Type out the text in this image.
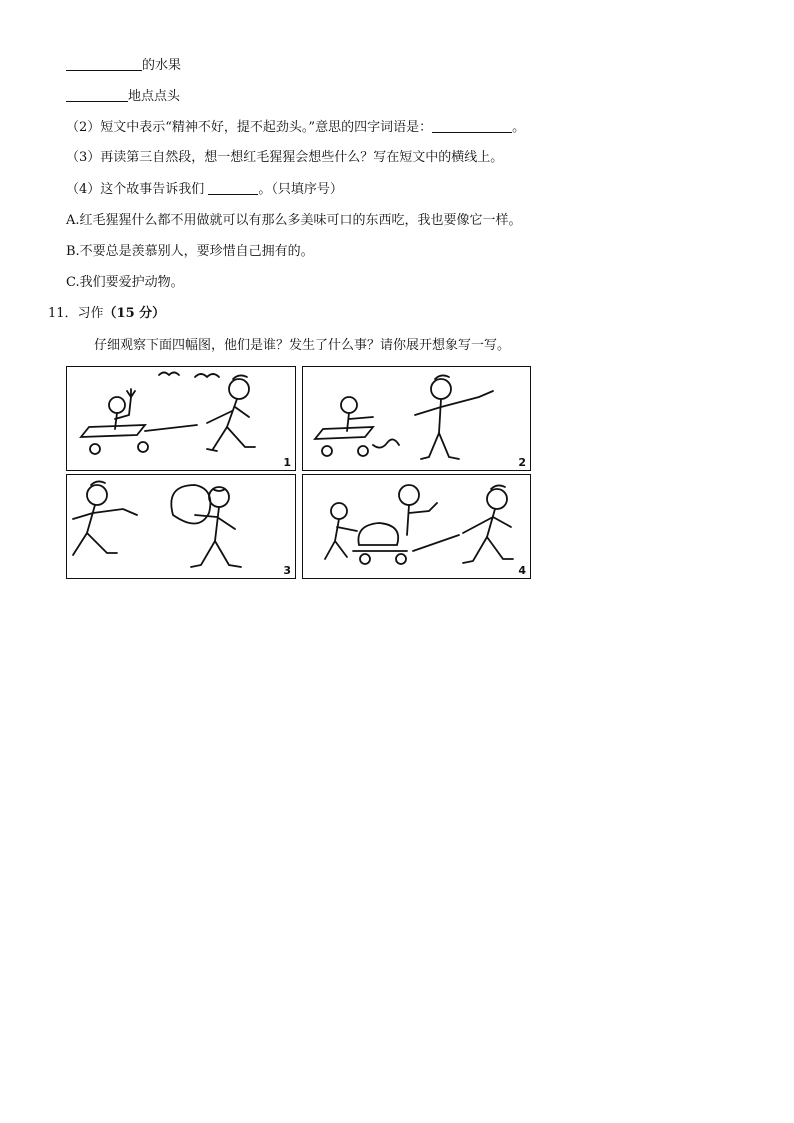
的水果
地点点头
（2）短文中表示“精神不好，提不起劲头。”意思的四字词语是：	。
（3）再读第三自然段，想一想红毛猩猩会想些什么？写在短文中的横线上。
（4）这个故事告诉我们	。（只填序号）
A.红毛猩猩什么都不用做就可以有那么多美味可口的东西吃，我也要像它一样。
B.不要总是羡慕别人，要珍惜自己拥有的。
C.我们要爱护动物。
11．习作（15 分）
仔细观察下面四幅图，他们是谁？发生了什么事？请你展开想象写一写。
1	2
3	4
